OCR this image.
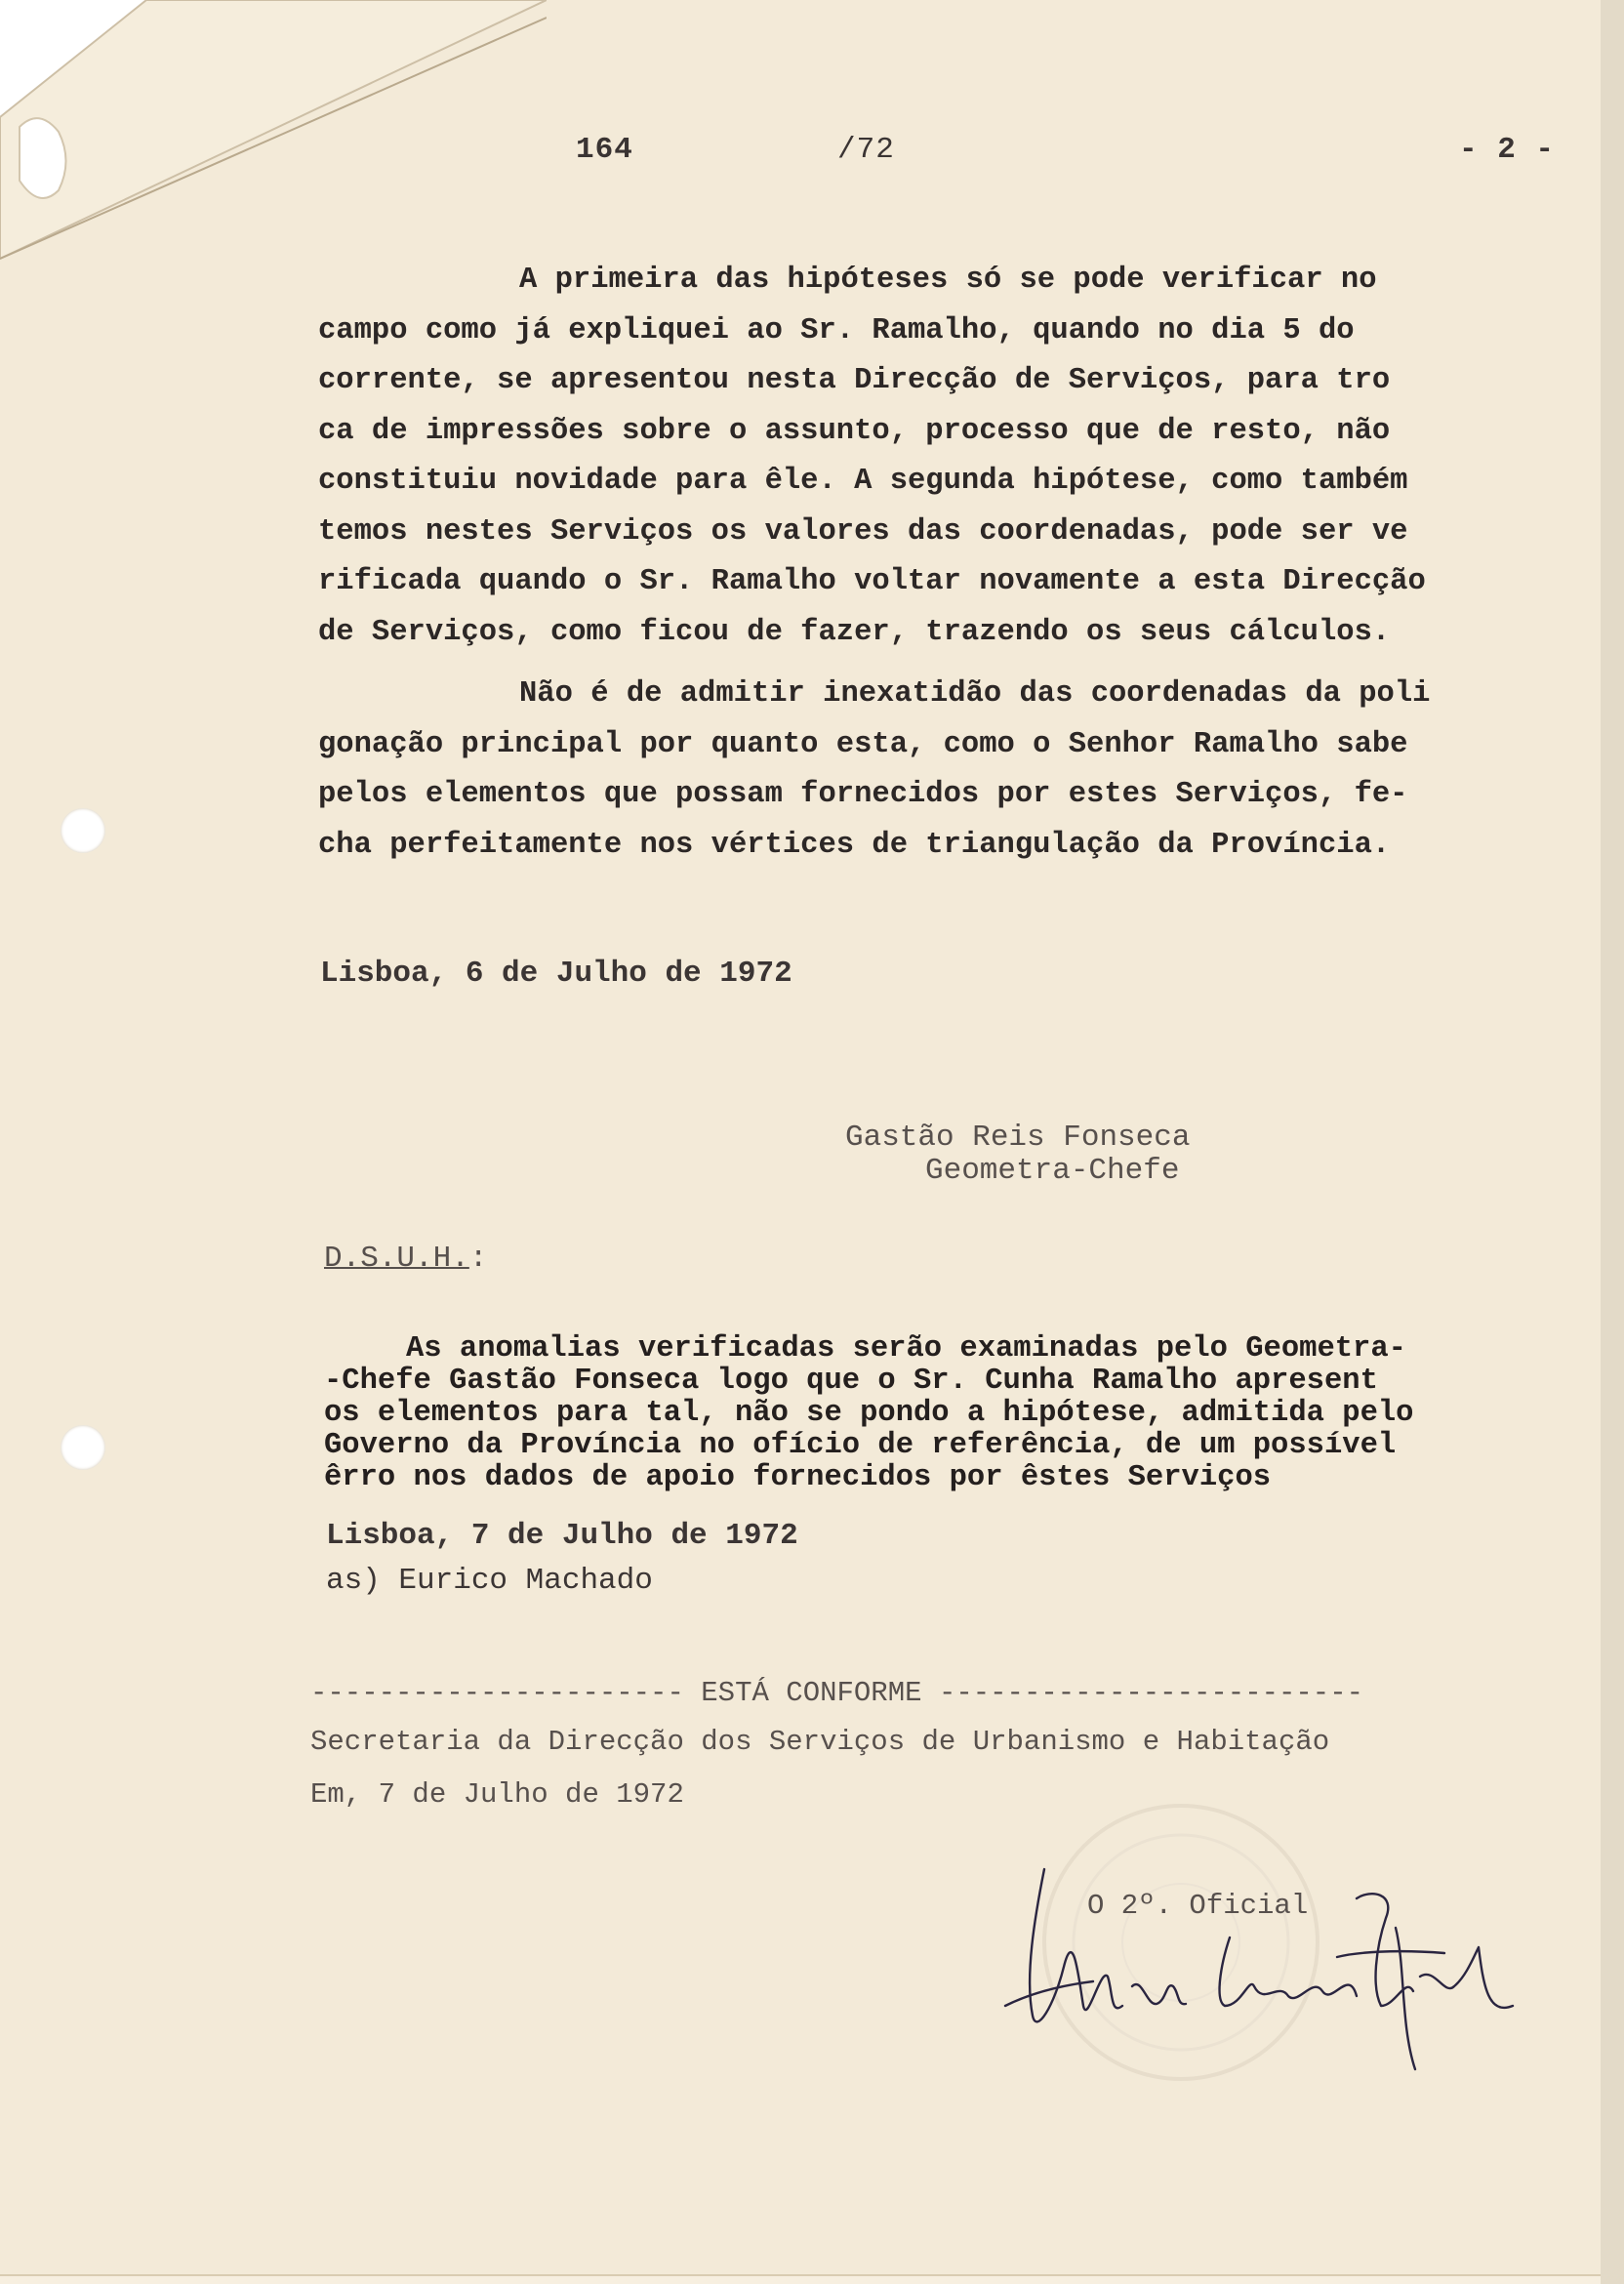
164	/72	- 2 -
A primeira das hipóteses só se pode verificar no
campo como já expliquei ao Sr. Ramalho, quando no dia 5 do
corrente, se apresentou nesta Direcção de Serviços, para tro
ca de impressões sobre o assunto, processo que de resto, não
constituiu novidade para êle. A segunda hipótese, como também
temos nestes Serviços os valores das coordenadas, pode ser ve
rificada quando o Sr. Ramalho voltar novamente a esta Direcção
de Serviços, como ficou de fazer, trazendo os seus cálculos.
Não é de admitir inexatidão das coordenadas da poli
gonação principal por quanto esta, como o Senhor Ramalho sabe
pelos elementos que possam fornecidos por estes Serviços, fe-
cha perfeitamente nos vértices de triangulação da Província.
Lisboa, 6 de Julho de 1972
Gastão Reis Fonseca
Geometra-Chefe
D.S.U.H.:
As anomalias verificadas serão examinadas pelo Geometra-
-Chefe Gastão Fonseca logo que o Sr. Cunha Ramalho apresent
os elementos para tal, não se pondo a hipótese, admitida pelo
Governo da Província no ofício de referência, de um possível
êrro nos dados de apoio fornecidos por êstes Serviços
Lisboa, 7 de Julho de 1972
as) Eurico Machado
---------------------- ESTÁ CONFORME -------------------------
Secretaria da Direcção dos Serviços de Urbanismo e Habitação
Em, 7 de Julho de 1972
O 2º. Oficial
